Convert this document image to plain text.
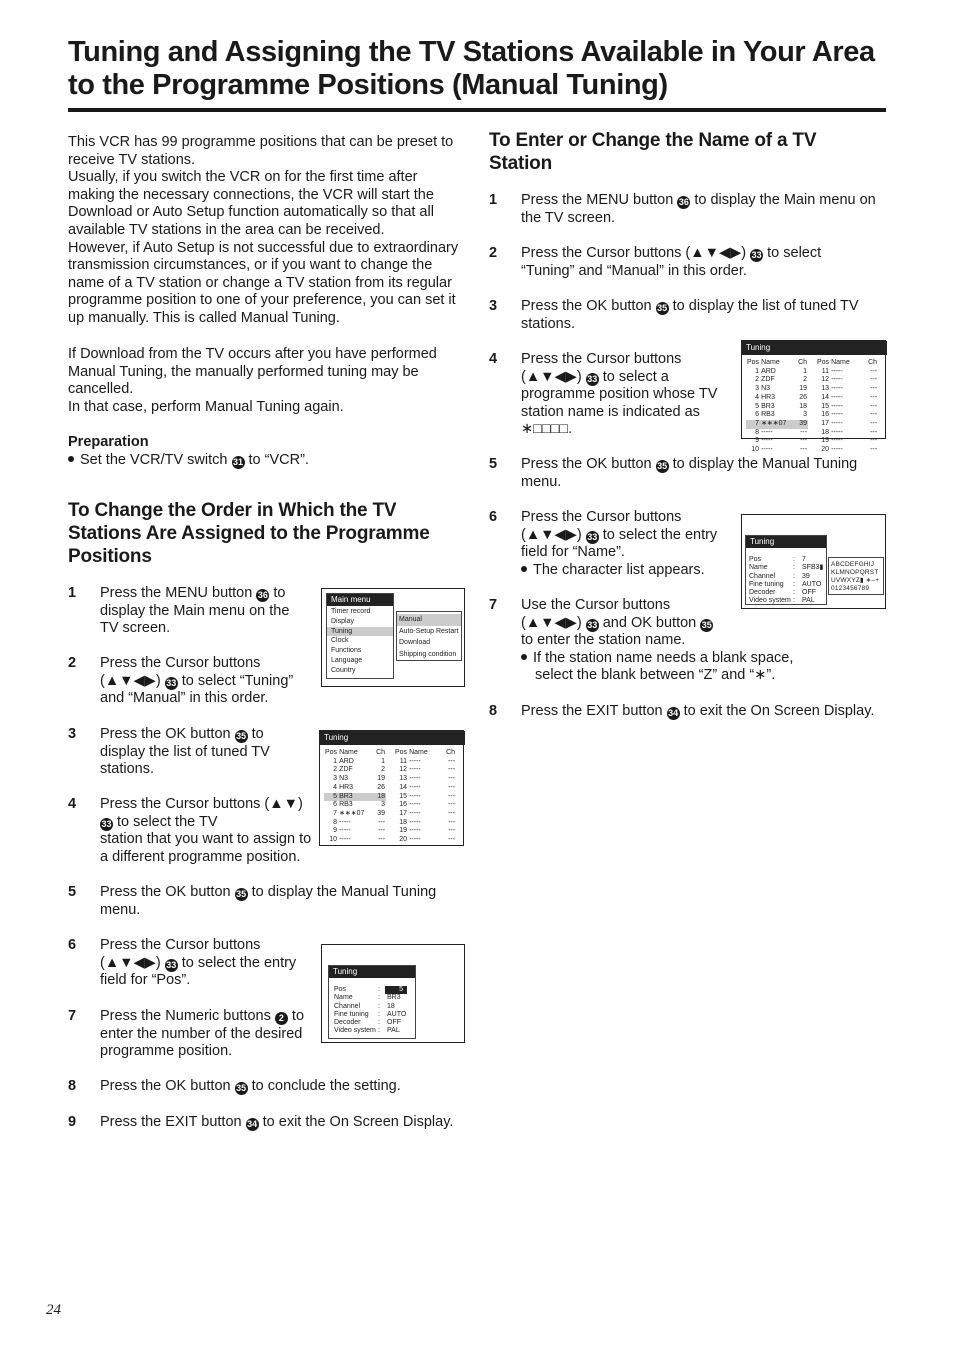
Tuning and Assigning the TV Stations Available in Your Area
to the Programme Positions (Manual Tuning)
This VCR has 99 programme positions that can be preset to
receive TV stations.
Usually, if you switch the VCR on for the first time after
making the necessary connections, the VCR will start the
Download or Auto Setup function automatically so that all
available TV stations in the area can be received.
However, if Auto Setup is not successful due to extraordinary
transmission circumstances, or if you want to change the
name of a TV station or change a TV station from its regular
programme position to one of your preference, you can set it
up manually. This is called Manual Tuning.
If Download from the TV occurs after you have performed
Manual Tuning, the manually performed tuning may be
cancelled.
In that case, perform Manual Tuning again.
Preparation
Set the VCR/TV switch 31 to “VCR”.
To Change the Order in Which the TV
Stations Are Assigned to the Programme
Positions
1 Press the MENU button 36 to
display the Main menu on the
TV screen.
2 Press the Cursor buttons
(▲▼◀▶) 33 to select “Tuning”
and “Manual” in this order.
3 Press the OK button 35 to
display the list of tuned TV
stations.
4 Press the Cursor buttons (▲▼)
33 to select the TV
station that you want to assign to
a different programme position.
5 Press the OK button 35 to display the Manual Tuning
menu.
6 Press the Cursor buttons
(▲▼◀▶) 33 to select the entry
field for “Pos”.
7 Press the Numeric buttons 2 to
enter the number of the desired
programme position.
8 Press the OK button 35 to conclude the setting.
9 Press the EXIT button 34 to exit the On Screen Display.
To Enter or Change the Name of a TV
Station
1 Press the MENU button 36 to display the Main menu on
the TV screen.
2 Press the Cursor buttons (▲▼◀▶) 33 to select
“Tuning” and “Manual” in this order.
3 Press the OK button 35 to display the list of tuned TV
stations.
4 Press the Cursor buttons
(▲▼◀▶) 33 to select a
programme position whose TV
station name is indicated as
∗□□□□.
5 Press the OK button 35 to display the Manual Tuning
menu.
6 Press the Cursor buttons
(▲▼◀▶) 33 to select the entry
field for “Name”.
The character list appears.
7 Use the Cursor buttons
(▲▼◀▶) 33 and OK button 35
to enter the station name.
If the station name needs a blank space,
select the blank between “Z” and “∗”.
8 Press the EXIT button 34 to exit the On Screen Display.
Main menu
Timer record
Display
Tuning
Clock
Functions
Language
Country
Manual
Auto-Setup Restart
Download
Shipping condition
Tuning
Pos	Name	Ch
1	ARD	1
2	ZDF	2
3	N3	19
4	HR3	26
5	BR3	18
6	RB3	3
7	∗∗∗07	39
8	-----	---
9	-----	---
10	-----	---
Pos	Name	Ch
11	-----	---
12	-----	---
13	-----	---
14	-----	---
15	-----	---
16	-----	---
17	-----	---
18	-----	---
19	-----	---
20	-----	---
Tuning
Pos	:	5
Name	:	BR3
Channel	:	18
Fine tuning	:	AUTO
Decoder	:	OFF
Video system :	PAL
Tuning
Pos	Name	Ch
1	ARD	1
2	ZDF	2
3	N3	19
4	HR3	26
5	BR3	18
6	RB3	3
7	∗∗∗07	39
8	-----	---
9	-----	---
10	-----	---
Pos	Name	Ch
11	-----	---
12	-----	---
13	-----	---
14	-----	---
15	-----	---
16	-----	---
17	-----	---
18	-----	---
19	-----	---
20	-----	---
Tuning
Pos	:	7
Name	:	SFB3▮
Channel	:	39
Fine tuning	:	AUTO
Decoder	:	OFF
Video system :	PAL
ABCDEFGHIJ
KLMNOPQRST
UVWXYZ▮ ∗–+
0123456789
24
